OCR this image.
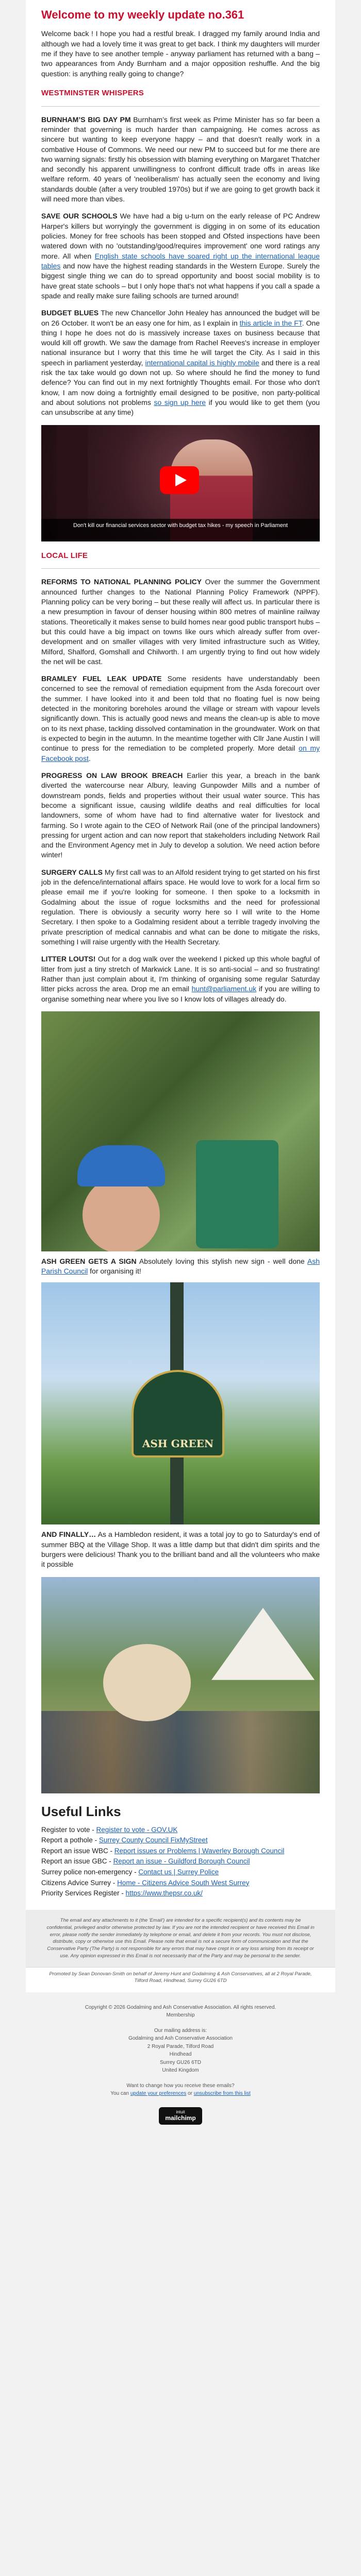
Welcome to my weekly update no.361

Welcome back ! I hope you had a restful break. I dragged my family around India and although we had a lovely time it was great to get back. I think my daughters will murder me if they have to see another temple - anyway parliament has returned with a bang – two appearances from Andy Burnham and a major opposition reshuffle. And the big question: is anything really going to change?

WESTMINSTER WHISPERS

BURNHAM’S BIG DAY PM Burnham’s first week as Prime Minister has so far been a reminder that governing is much harder than campaigning. He comes across as sincere but wanting to keep everyone happy – and that doesn't really work in a combative House of Commons. We need our new PM to succeed but for me there are two warning signals: firstly his obsession with blaming everything on Margaret Thatcher and secondly his apparent unwillingness to confront difficult trade offs in areas like welfare reform. 40 years of 'neoliberalism' has actually seen the economy and living standards double (after a very troubled 1970s) but if we are going to get growth back it will need more than vibes.

SAVE OUR SCHOOLS We have had a big u-turn on the early release of PC Andrew Harper's killers but worryingly the government is digging in on some of its education policies. Money for free schools has been stopped and Ofsted inspections have been watered down with no 'outstanding/good/requires improvement' one word ratings any more. All when English state schools have soared right up the international league tables and now have the highest reading standards in the Western Europe. Surely the biggest single thing we can do to spread opportunity and boost social mobility is to have great state schools – but I only hope that's not what happens if you call a spade a spade and really make sure failing schools are turned around!

BUDGET BLUES The new Chancellor John Healey has announced the budget will be on 26 October. It won't be an easy one for him, as I explain in this article in the FT. One thing I hope he does not do is massively increase taxes on business because that would kill off growth. We saw the damage from Rachel Reeves's increase in employer national insurance but I worry that this time he will target the City. As I said in this speech in parliament yesterday, international capital is highly mobile and there is a real risk the tax take would go down not up. So where should he find the money to fund defence? You can find out in my next fortnightly Thoughts email. For those who don't know, I am now doing a fortnightly email designed to be positive, non party-political and about solutions not problems so sign up here if you would like to get them (you can unsubscribe at any time)

Don't kill our financial services sector with budget tax hikes - my speech in Parliament
LOCAL LIFE

REFORMS TO NATIONAL PLANNING POLICY Over the summer the Government announced further changes to the National Planning Policy Framework (NPPF). Planning policy can be very boring – but these really will affect us. In particular there is a new presumption in favour of denser housing within 800 metres of mainline railway stations. Theoretically it makes sense to build homes near good public transport hubs – but this could have a big impact on towns like ours which already suffer from over-development and on smaller villages with very limited infrastructure such as Witley, Milford, Shalford, Gomshall and Chilworth. I am urgently trying to find out how widely the net will be cast.

BRAMLEY FUEL LEAK UPDATE Some residents have understandably been concerned to see the removal of remediation equipment from the Asda forecourt over the summer. I have looked into it and been told that no floating fuel is now being detected in the monitoring boreholes around the village or stream with vapour levels significantly down. This is actually good news and means the clean-up is able to move on to its next phase, tackling dissolved contamination in the groundwater. Work on that is expected to begin in the autumn. In the meantime together with Cllr Jane Austin I will continue to press for the remediation to be completed properly. More detail on my Facebook post.

PROGRESS ON LAW BROOK BREACH Earlier this year, a breach in the bank diverted the watercourse near Albury, leaving Gunpowder Mills and a number of downstream ponds, fields and properties without their usual water source. This has become a significant issue, causing wildlife deaths and real difficulties for local landowners, some of whom have had to find alternative water for livestock and farming. So I wrote again to the CEO of Network Rail (one of the principal landowners) pressing for urgent action and can now report that stakeholders including Network Rail and the Environment Agency met in July to develop a solution. We need action before winter!

SURGERY CALLS My first call was to an Alfold resident trying to get started on his first job in the defence/international affairs space. He would love to work for a local firm so please email me if you're looking for someone. I then spoke to a locksmith in Godalming about the issue of rogue locksmiths and the need for professional regulation. There is obviously a security worry here so I will write to the Home Secretary. I then spoke to a Godalming resident about a terrible tragedy involving the private prescription of medical cannabis and what can be done to mitigate the risks, something I will raise urgently with the Health Secretary.

LITTER LOUTS! Out for a dog walk over the weekend I picked up this whole bagful of litter from just a tiny stretch of Markwick Lane. It is so anti-social – and so frustrating! Rather than just complain about it, I'm thinking of organising some regular Saturday litter picks across the area. Drop me an email hunt@parliament.uk if you are willing to organise something near where you live so I know lots of villages already do.

ASH GREEN GETS A SIGN Absolutely loving this stylish new sign - well done Ash Parish Council for organising it!

ASH GREEN

AND FINALLY… As a Hambledon resident, it was a total joy to go to Saturday's end of summer BBQ at the Village Shop. It was a little damp but that didn't dim spirits and the burgers were delicious! Thank you to the brilliant band and all the volunteers who make it possible

Useful Links
Register to vote - Register to vote - GOV.UK
Report a pothole - Surrey County Council FixMyStreet
Report an issue WBC - Report issues or Problems | Waverley Borough Council
Report an issue GBC - Report an issue - Guildford Borough Council
Surrey police non-emergency - Contact us | Surrey Police
Citizens Advice Surrey - Home - Citizens Advice South West Surrey
Priority Services Register - https://www.thepsr.co.uk/
The email and any attachments to it (the 'Email') are intended for a specific recipient(s) and its contents may be confidential, privileged and/or otherwise protected by law. If you are not the intended recipient or have received this Email in error, please notify the sender immediately by telephone or email, and delete it from your records. You must not disclose, distribute, copy or otherwise use this Email. Please note that email is not a secure form of communication and that the Conservative Party (The Party) is not responsible for any errors that may have crept in or any loss arising from its receipt or use. Any opinion expressed in this Email is not necessarily that of the Party and may be personal to the sender.
Promoted by Sean Donovan-Smith on behalf of Jeremy Hunt and Godalming & Ash Conservatives, all at 2 Royal Parade, Tilford Road, Hindhead, Surrey GU26 6TD
Copyright © 2026 Godalming and Ash Conservative Association. All rights reserved.
Membership
Our mailing address is:
Godalming and Ash Conservative Association
2 Royal Parade, Tilford Road
Hindhead
Surrey GU26 6TD
United Kingdom
Want to change how you receive these emails?
You can update your preferences or unsubscribe from this list
intuit
mailchimp
